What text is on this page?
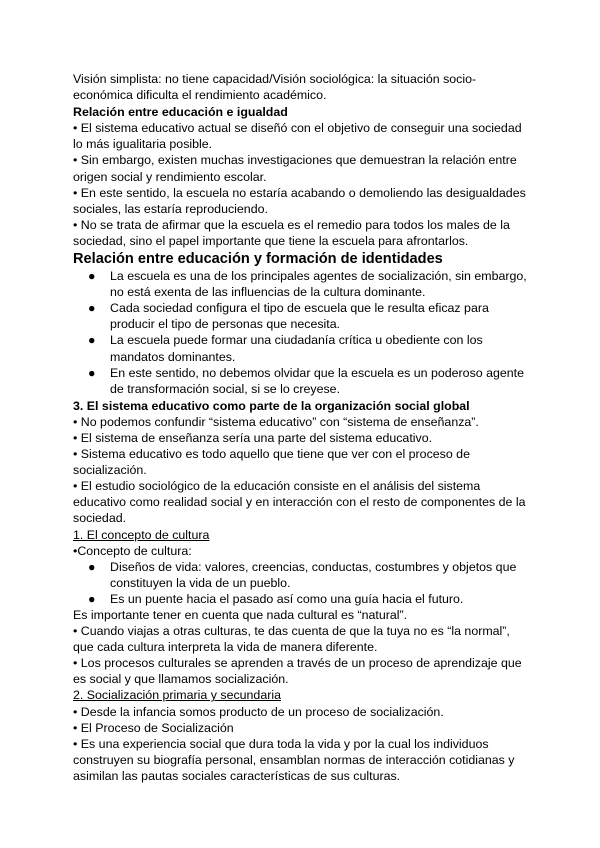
Visión simplista: no tiene capacidad/Visión sociológica: la situación socio-económica dificulta el rendimiento académico.

Relación entre educación e igualdad

• El sistema educativo actual se diseñó con el objetivo de conseguir una sociedad lo más igualitaria posible.

• Sin embargo, existen muchas investigaciones que demuestran la relación entre origen social y rendimiento escolar.

• En este sentido, la escuela no estaría acabando o demoliendo las desigualdades sociales, las estaría reproduciendo.

• No se trata de afirmar que la escuela es el remedio para todos los males de la sociedad, sino el papel importante que tiene la escuela para afrontarlos.

Relación entre educación y formación de identidades

● La escuela es una de los principales agentes de socialización, sin embargo, no está exenta de las influencias de la cultura dominante.
● Cada sociedad configura el tipo de escuela que le resulta eficaz para producir el tipo de personas que necesita.
● La escuela puede formar una ciudadanía crítica u obediente con los mandatos dominantes.
● En este sentido, no debemos olvidar que la escuela es un poderoso agente de transformación social, si se lo creyese.

3. El sistema educativo como parte de la organización social global

• No podemos confundir “sistema educativo” con “sistema de enseñanza”.

• El sistema de enseñanza sería una parte del sistema educativo.

• Sistema educativo es todo aquello que tiene que ver con el proceso de socialización.

• El estudio sociológico de la educación consiste en el análisis del sistema educativo como realidad social y en interacción con el resto de componentes de la sociedad.

1. El concepto de cultura

•Concepto de cultura:

● Diseños de vida: valores, creencias, conductas, costumbres y objetos que constituyen la vida de un pueblo.
● Es un puente hacia el pasado así como una guía hacia el futuro.

Es importante tener en cuenta que nada cultural es “natural”.

• Cuando viajas a otras culturas, te das cuenta de que la tuya no es “la normal”, que cada cultura interpreta la vida de manera diferente.

• Los procesos culturales se aprenden a través de un proceso de aprendizaje que es social y que llamamos socialización.

2. Socialización primaria y secundaria

• Desde la infancia somos producto de un proceso de socialización.

• El Proceso de Socialización

• Es una experiencia social que dura toda la vida y por la cual los individuos construyen su biografía personal, ensamblan normas de interacción cotidianas y asimilan las pautas sociales características de sus culturas.
